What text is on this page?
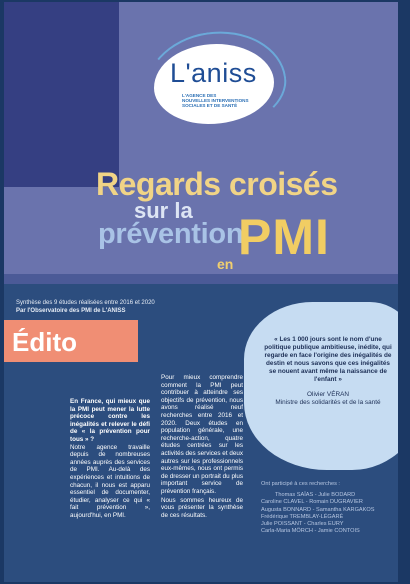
L'aniss
L'AGENCE DES
NOUVELLES INTERVENTIONS
SOCIALES ET DE SANTÉ
Regards croisés
sur la
prévention
PMI
en
Synthèse des 9 études réalisées entre 2016 et 2020
Par l'Observatoire des PMI de L'ANISS
Édito

En France, qui mieux que la PMI peut mener la lutte précoce contre les inégalités et relever le défi de « la prévention pour tous » ?

Notre agence travaille depuis de nombreuses années auprès des services de PMI. Au-delà des expériences et intuitions de chacun, il nous est apparu essentiel de documenter, étudier, analyser ce qui « fait prévention », aujourd'hui, en PMI.

Pour mieux comprendre comment la PMI peut contribuer à atteindre ses objectifs de prévention, nous avons réalisé neuf recherches entre 2016 et 2020. Deux études en population générale, une recherche-action, quatre études centrées sur les activités des services et deux autres sur les professionnels eux-mêmes, nous ont permis de dresser un portrait du plus important service de prévention français.

Nous sommes heureux de vous présenter la synthèse de ces résultats.

« Les 1 000 jours sont le nom d'une politique publique ambitieuse, inédite, qui regarde en face l'origine des inégalités de destin et nous savons que ces inégalités se nouent avant même la naissance de l'enfant »

Olivier VÉRAN

Ministre des solidarités et de la santé

Ont participé à ces recherches :

Thomas SAÏAS - Julie BODARD

Caroline CLAVEL - Romain DUGRAVIER

Augusta BONNARD - Samantha KARGAKOS

Frédérique TREMBLAY-LÉGARÉ

Julie POISSANT - Charles EURY

Carla-Maria MÖRCH - Jamie CONTOIS
